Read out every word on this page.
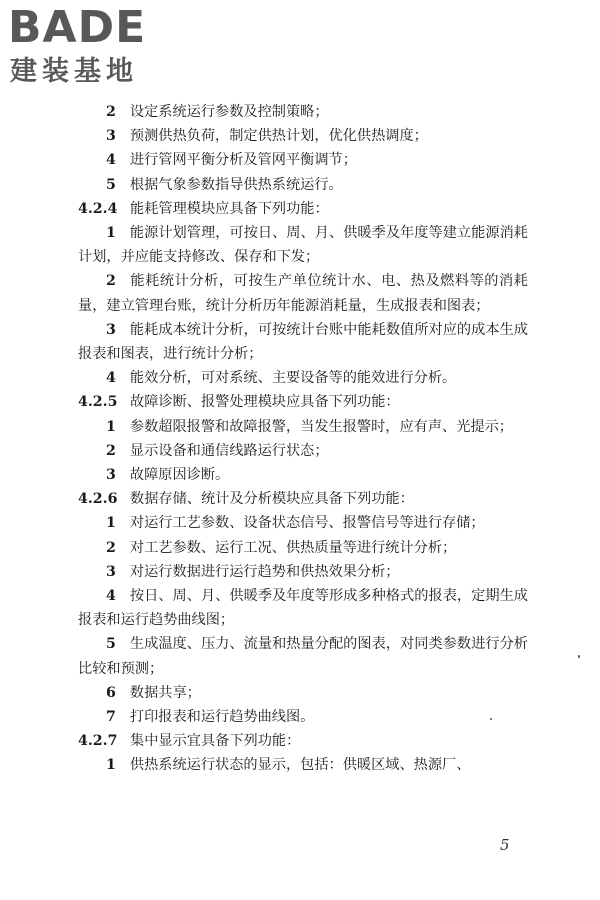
BADE
建装基地

2 设定系统运行参数及控制策略；

3 预测供热负荷，制定供热计划，优化供热调度；

4 进行管网平衡分析及管网平衡调节；

5 根据气象参数指导供热系统运行。

4.2.4 能耗管理模块应具备下列功能：

1 能源计划管理，可按日、周、月、供暖季及年度等建立能源消耗计划，并应能支持修改、保存和下发；

2 能耗统计分析，可按生产单位统计水、电、热及燃料等的消耗量，建立管理台账，统计分析历年能源消耗量，生成报表和图表；

3 能耗成本统计分析，可按统计台账中能耗数值所对应的成本生成报表和图表，进行统计分析；

4 能效分析，可对系统、主要设备等的能效进行分析。

4.2.5 故障诊断、报警处理模块应具备下列功能：

1 参数超限报警和故障报警，当发生报警时，应有声、光提示；

2 显示设备和通信线路运行状态；

3 故障原因诊断。

4.2.6 数据存储、统计及分析模块应具备下列功能：

1 对运行工艺参数、设备状态信号、报警信号等进行存储；

2 对工艺参数、运行工况、供热质量等进行统计分析；

3 对运行数据进行运行趋势和供热效果分析；

4 按日、周、月、供暖季及年度等形成多种格式的报表，定期生成报表和运行趋势曲线图；

5 生成温度、压力、流量和热量分配的图表，对同类参数进行分析比较和预测；

6 数据共享；

7 打印报表和运行趋势曲线图。

4.2.7 集中显示宜具备下列功能：

1 供热系统运行状态的显示，包括：供暖区域、热源厂、

5
